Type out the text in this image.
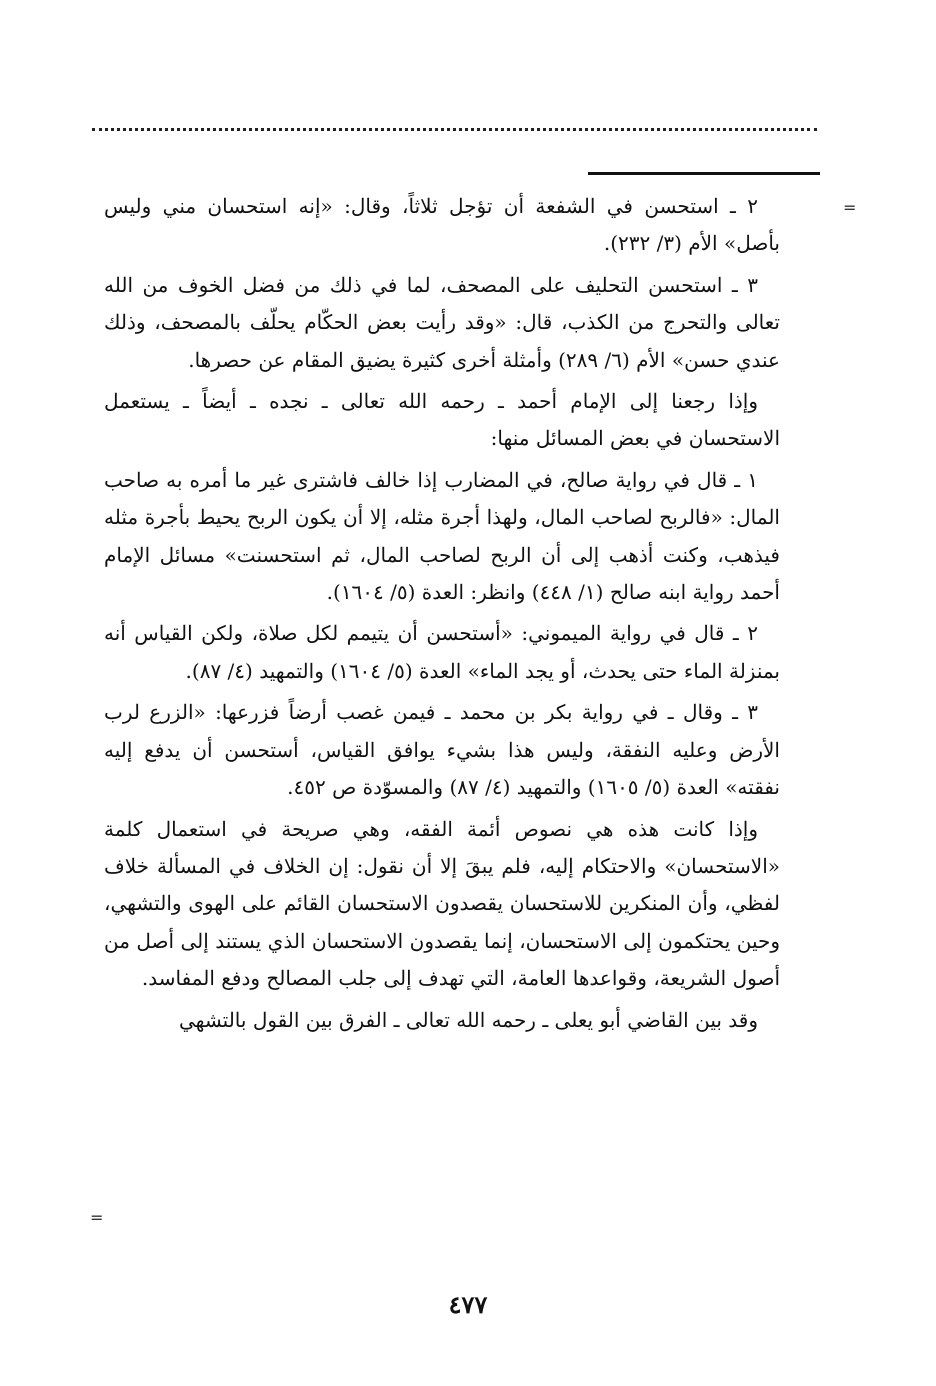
=
=

٢ ـ استحسن في الشفعة أن تؤجل ثلاثاً، وقال: «إنه استحسان مني وليس بأصل» الأم (٣/ ٢٣٢).

٣ ـ استحسن التحليف على المصحف، لما في ذلك من فضل الخوف من الله تعالى والتحرج من الكذب، قال: «وقد رأيت بعض الحكّام يحلّف بالمصحف، وذلك عندي حسن» الأم (٦/ ٢٨٩) وأمثلة أخرى كثيرة يضيق المقام عن حصرها.

وإذا رجعنا إلى الإمام أحمد ـ رحمه الله تعالى ـ نجده ـ أيضاً ـ يستعمل الاستحسان في بعض المسائل منها:

١ ـ قال في رواية صالح، في المضارب إذا خالف فاشترى غير ما أمره به صاحب المال: «فالربح لصاحب المال، ولهذا أجرة مثله، إلا أن يكون الربح يحيط بأجرة مثله فيذهب، وكنت أذهب إلى أن الربح لصاحب المال، ثم استحسنت» مسائل الإمام أحمد رواية ابنه صالح (١/ ٤٤٨) وانظر: العدة (٥/ ١٦٠٤).

٢ ـ قال في رواية الميموني: «أستحسن أن يتيمم لكل صلاة، ولكن القياس أنه بمنزلة الماء حتى يحدث، أو يجد الماء» العدة (٥/ ١٦٠٤) والتمهيد (٤/ ٨٧).

٣ ـ وقال ـ في رواية بكر بن محمد ـ فيمن غصب أرضاً فزرعها: «الزرع لرب الأرض وعليه النفقة، وليس هذا بشيء يوافق القياس، أستحسن أن يدفع إليه نفقته» العدة (٥/ ١٦٠٥) والتمهيد (٤/ ٨٧) والمسوّدة ص ٤٥٢.

وإذا كانت هذه هي نصوص أئمة الفقه، وهي صريحة في استعمال كلمة «الاستحسان» والاحتكام إليه، فلم يبقَ إلا أن نقول: إن الخلاف في المسألة خلاف لفظي، وأن المنكرين للاستحسان يقصدون الاستحسان القائم على الهوى والتشهي، وحين يحتكمون إلى الاستحسان، إنما يقصدون الاستحسان الذي يستند إلى أصل من أصول الشريعة، وقواعدها العامة، التي تهدف إلى جلب المصالح ودفع المفاسد.

وقد بين القاضي أبو يعلى ـ رحمه الله تعالى ـ الفرق بين القول بالتشهي

٤٧٧
